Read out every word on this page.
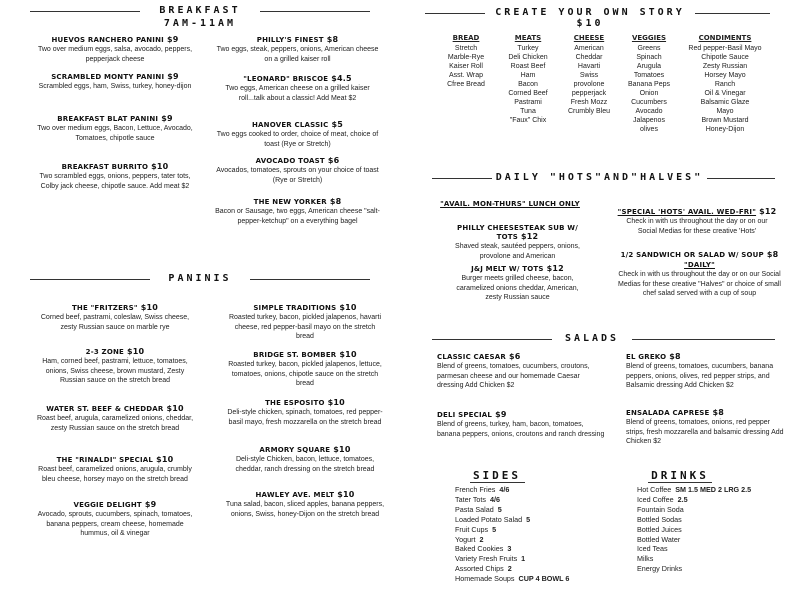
BREAKFAST
7AM-11AM
HUEVOS RANCHERO PANINI $9
Two over medium eggs, salsa, avocado, peppers, pepperjack cheese
SCRAMBLED MONTY PANINI $9
Scrambled eggs, ham, Swiss, turkey, honey-dijon
BREAKFAST BLAT PANINI $9
Two over medium eggs, Bacon, Lettuce, Avocado, Tomatoes, chipotle sauce
BREAKFAST BURRITO $10
Two scrambled eggs, onions, peppers, tater tots, Colby jack cheese, chipotle sauce. Add meat $2
PHILLY'S FINEST $8
Two eggs, steak, peppers, onions, American cheese on a grilled kaiser roll
"LEONARD" BRISCOE $4.5
Two eggs, American cheese on a grilled kaiser roll...talk about a classic! Add Meat $2
HANOVER CLASSIC $5
Two eggs cooked to order, choice of meat, choice of toast (Rye or Stretch)
AVOCADO TOAST $6
Avocados, tomatoes, sprouts on your choice of toast (Rye or Stretch)
THE NEW YORKER $8
Bacon or Sausage, two eggs, American cheese "salt-pepper-ketchup" on a everything bagel
PANINIS
THE "FRITZERS" $10
Corned beef, pastrami, coleslaw, Swiss cheese, zesty Russian sauce on marble rye
2-3 ZONE $10
Ham, corned beef, pastrami, lettuce, tomatoes, onions, Swiss cheese, brown mustard, Zesty Russian sauce on the stretch bread
WATER ST. BEEF & CHEDDAR $10
Roast beef, arugula, caramelized onions, cheddar, zesty Russian sauce on the stretch bread
THE "RINALDI" SPECIAL $10
Roast beef, caramelized onions, arugula, crumbly bleu cheese, horsey mayo on the stretch bread
VEGGIE DELIGHT $9
Avocado, sprouts, cucumbers, spinach, tomatoes, banana peppers, cream cheese, homemade hummus, oil & vinegar
SIMPLE TRADITIONS $10
Roasted turkey, bacon, pickled jalapenos, havarti cheese, red pepper-basil mayo on the stretch bread
BRIDGE ST. BOMBER $10
Roasted turkey, bacon, pickled jalapenos, lettuce, tomatoes, onions, chipotle sauce on the stretch bread
THE ESPOSITO $10
Deli-style chicken, spinach, tomatoes, red pepper-basil mayo, fresh mozzarella on the stretch bread
ARMORY SQUARE $10
Deli-style Chicken, bacon, lettuce, tomatoes, cheddar, ranch dressing on the stretch bread
HAWLEY AVE. MELT $10
Tuna salad, bacon, sliced apples, banana peppers, onions, Swiss, honey-Dijon on the stretch bread
CREATE YOUR OWN STORY $10
BREAD
Stretch
Marble-Rye
Kaiser Roll
Asst. Wrap
Cfree Bread
MEATS
Turkey
Deli Chicken
Roast Beef
Ham
Bacon
Corned Beef
Pastrami
Tuna
"Faux" Chix
CHEESE
American
Cheddar
Havarti
Swiss
provolone
pepperjack
Fresh Mozz
Crumbly Bleu
VEGGIES
Greens
Spinach
Arugula
Tomatoes
Banana Peps
Onion
Cucumbers
Avocado
Jalapenos
olives
CONDIMENTS
Red pepper-Basil Mayo
Chipotle Sauce
Zesty Russian
Horsey Mayo
Ranch
Oil & Vinegar
Balsamic Glaze
Mayo
Brown Mustard
Honey-Dijon
DAILY "HOTS"AND"HALVES"
"AVAIL. MON-THURS" LUNCH ONLY
PHILLY CHEESESTEAK SUB W/ TOTS $12
Shaved steak, sautéed peppers, onions, provolone and American
J&J MELT W/ TOTS $12
Burger meets grilled cheese, bacon, caramelized onions cheddar, American, zesty Russian sauce
"SPECIAL 'HOTS' AVAIL. WED-FRI" $12
Check in with us throughout the day or on our Social Medias for these creative 'Hots'
1/2 SANDWICH OR SALAD W/ SOUP $8
"DAILY"
Check in with us throughout the day or on our Social Medias for these creative "Halves" or choice of small chef salad served with a cup of soup
SALADS
CLASSIC CAESAR $6
Blend of greens, tomatoes, cucumbers, croutons, parmesan cheese and our homemade Caesar dressing Add Chicken $2
DELI SPECIAL $9
Blend of greens, turkey, ham, bacon, tomatoes, banana peppers, onions, croutons and ranch dressing
EL GREKO $8
Blend of greens, tomatoes, cucumbers, banana peppers, onions, olives, red pepper strips, and Balsamic dressing Add Chicken $2
ENSALADA CAPRESE $8
Blend of greens, tomatoes, onions, red pepper strips, fresh mozzarella and balsamic dressing Add Chicken $2
SIDES
French Fries 4/6
Tater Tots 4/6
Pasta Salad 5
Loaded Potato Salad 5
Fruit Cups 5
Yogurt 2
Baked Cookies 3
Variety Fresh Fruits 1
Assorted Chips 2
Homemade Soups CUP 4 BOWL 6
DRINKS
Hot Coffee SM 1.5 MED 2 LRG 2.5
Iced Coffee 2.5
Fountain Soda
Bottled Sodas
Bottled Juices
Bottled Water
Iced Teas
Milks
Energy Drinks
